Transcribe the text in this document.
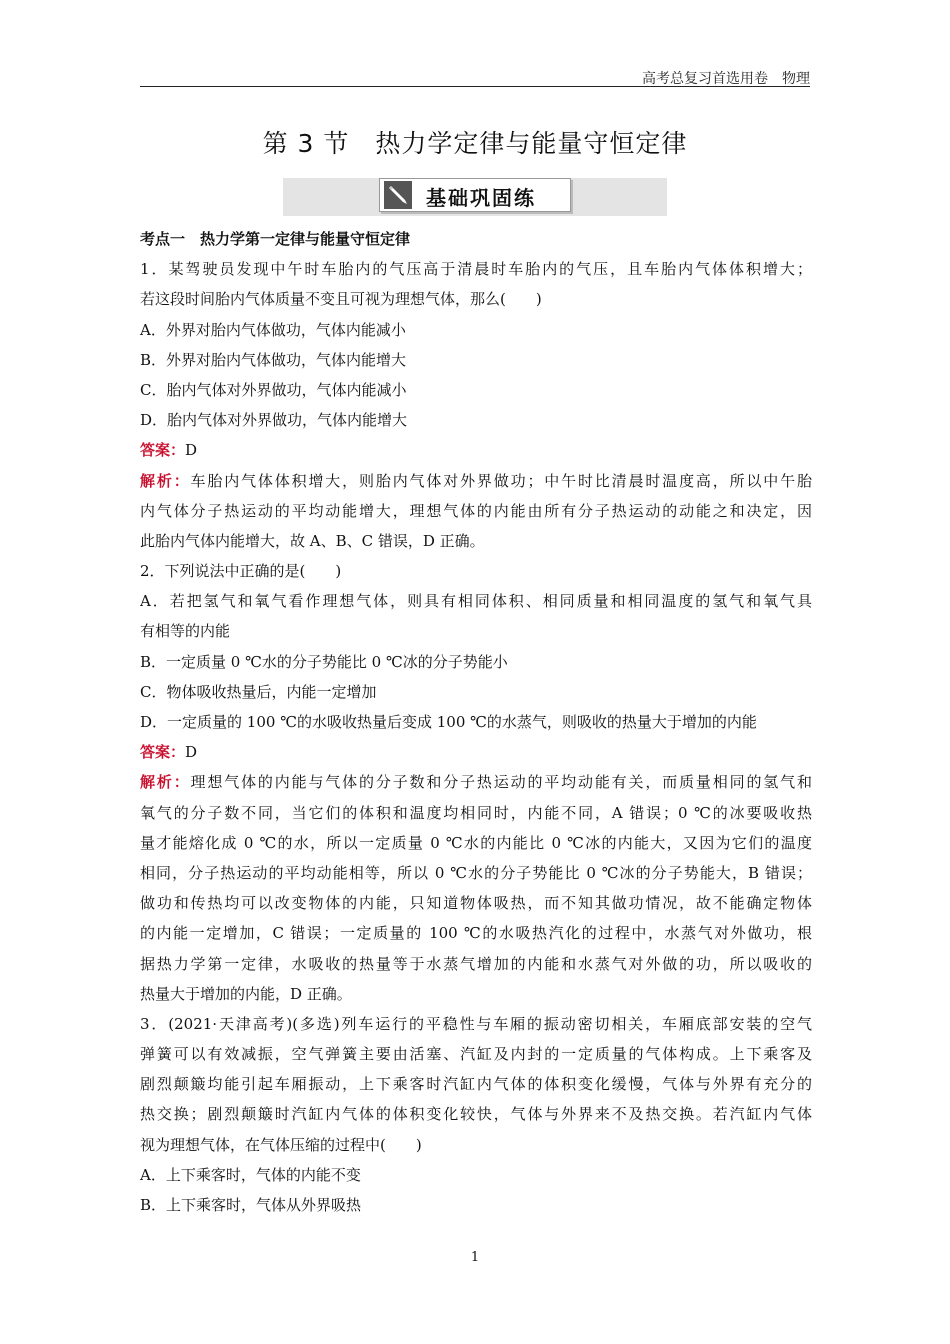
高考总复习首选用卷　物理
第 3 节　热力学定律与能量守恒定律
基础巩固练
考点一　热力学第一定律与能量守恒定律
1．某驾驶员发现中午时车胎内的气压高于清晨时车胎内的气压，且车胎内气体体积增大；
若这段时间胎内气体质量不变且可视为理想气体，那么(　　)
A．外界对胎内气体做功，气体内能减小
B．外界对胎内气体做功，气体内能增大
C．胎内气体对外界做功，气体内能减小
D．胎内气体对外界做功，气体内能增大
答案：D
解析：车胎内气体体积增大，则胎内气体对外界做功；中午时比清晨时温度高，所以中午胎
内气体分子热运动的平均动能增大，理想气体的内能由所有分子热运动的动能之和决定，因
此胎内气体内能增大，故 A、B、C 错误，D 正确。
2．下列说法中正确的是(　　)
A．若把氢气和氧气看作理想气体，则具有相同体积、相同质量和相同温度的氢气和氧气具
有相等的内能
B．一定质量 0 ℃水的分子势能比 0 ℃冰的分子势能小
C．物体吸收热量后，内能一定增加
D．一定质量的 100 ℃的水吸收热量后变成 100 ℃的水蒸气，则吸收的热量大于增加的内能
答案：D
解析：理想气体的内能与气体的分子数和分子热运动的平均动能有关，而质量相同的氢气和
氧气的分子数不同，当它们的体积和温度均相同时，内能不同，A 错误；0 ℃的冰要吸收热
量才能熔化成 0 ℃的水，所以一定质量 0 ℃水的内能比 0 ℃冰的内能大，又因为它们的温度
相同，分子热运动的平均动能相等，所以 0 ℃水的分子势能比 0 ℃冰的分子势能大，B 错误；
做功和传热均可以改变物体的内能，只知道物体吸热，而不知其做功情况，故不能确定物体
的内能一定增加，C 错误；一定质量的 100 ℃的水吸热汽化的过程中，水蒸气对外做功，根
据热力学第一定律，水吸收的热量等于水蒸气增加的内能和水蒸气对外做的功，所以吸收的
热量大于增加的内能，D 正确。
3．(2021·天津高考)(多选)列车运行的平稳性与车厢的振动密切相关，车厢底部安装的空气
弹簧可以有效减振，空气弹簧主要由活塞、汽缸及内封的一定质量的气体构成。上下乘客及
剧烈颠簸均能引起车厢振动，上下乘客时汽缸内气体的体积变化缓慢，气体与外界有充分的
热交换；剧烈颠簸时汽缸内气体的体积变化较快，气体与外界来不及热交换。若汽缸内气体
视为理想气体，在气体压缩的过程中(　　)
A．上下乘客时，气体的内能不变
B．上下乘客时，气体从外界吸热
1
